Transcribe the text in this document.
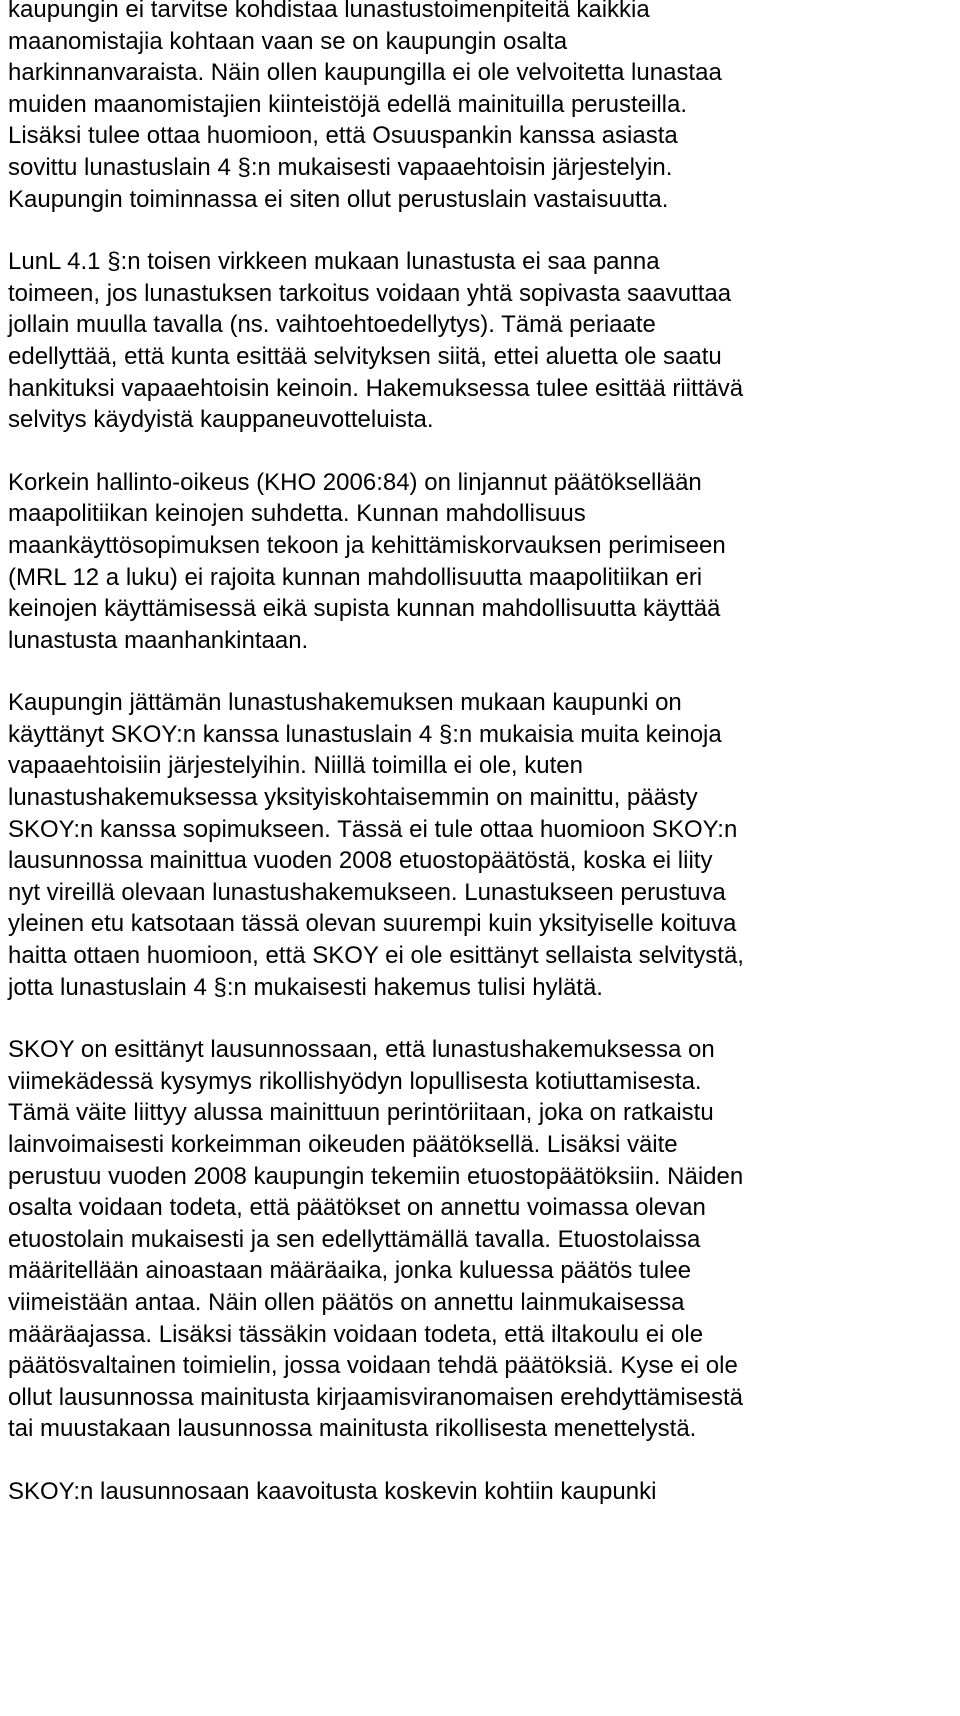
kaupungin ei tarvitse kohdistaa lunastustoimenpiteitä kaikkia
maanomistajia kohtaan vaan se on kaupungin osalta
harkinnanvaraista. Näin ollen kaupungilla ei ole velvoitetta lunastaa
muiden maanomistajien kiinteistöjä edellä mainituilla perusteilla.
Lisäksi tulee ottaa huomioon, että Osuuspankin kanssa asiasta
sovittu lunastuslain 4 §:n mukaisesti vapaaehtoisin järjestelyin.
Kaupungin toiminnassa ei siten ollut perustuslain vastaisuutta.
LunL 4.1 §:n toisen virkkeen mukaan lunastusta ei saa panna
toimeen, jos lunastuksen tarkoitus voidaan yhtä sopivasta saavuttaa
jollain muulla tavalla (ns. vaihtoehtoedellytys). Tämä periaate
edellyttää, että kunta esittää selvityksen siitä, ettei aluetta ole saatu
hankituksi vapaaehtoisin keinoin. Hakemuksessa tulee esittää riittävä
selvitys käydyistä kauppaneuvotteluista.
Korkein hallinto-oikeus (KHO 2006:84) on linjannut päätöksellään
maapolitiikan keinojen suhdetta. Kunnan mahdollisuus
maankäyttösopimuksen tekoon ja kehittämiskorvauksen perimiseen
(MRL 12 a luku) ei rajoita kunnan mahdollisuutta maapolitiikan eri
keinojen käyttämisessä eikä supista kunnan mahdollisuutta käyttää
lunastusta maanhankintaan.
Kaupungin jättämän lunastushakemuksen mukaan kaupunki on
käyttänyt SKOY:n kanssa lunastuslain 4 §:n mukaisia muita keinoja
vapaaehtoisiin järjestelyihin. Niillä toimilla ei ole, kuten
lunastushakemuksessa yksityiskohtaisemmin on mainittu, päästy
SKOY:n kanssa sopimukseen. Tässä ei tule ottaa huomioon SKOY:n
lausunnossa mainittua vuoden 2008 etuostopäätöstä, koska ei liity
nyt vireillä olevaan lunastushakemukseen. Lunastukseen perustuva
yleinen etu katsotaan tässä olevan suurempi kuin yksityiselle koituva
haitta ottaen huomioon, että SKOY ei ole esittänyt sellaista selvitystä,
jotta lunastuslain 4 §:n mukaisesti hakemus tulisi hylätä.
SKOY on esittänyt lausunnossaan, että lunastushakemuksessa on
viimekädessä kysymys rikollishyödyn lopullisesta kotiuttamisesta.
Tämä väite liittyy alussa mainittuun perintöriitaan, joka on ratkaistu
lainvoimaisesti korkeimman oikeuden päätöksellä. Lisäksi väite
perustuu vuoden 2008 kaupungin tekemiin etuostopäätöksiin. Näiden
osalta voidaan todeta, että päätökset on annettu voimassa olevan
etuostolain mukaisesti ja sen edellyttämällä tavalla. Etuostolaissa
määritellään ainoastaan määräaika, jonka kuluessa päätös tulee
viimeistään antaa. Näin ollen päätös on annettu lainmukaisessa
määräajassa. Lisäksi tässäkin voidaan todeta, että iltakoulu ei ole
päätösvaltainen toimielin, jossa voidaan tehdä päätöksiä. Kyse ei ole
ollut lausunnossa mainitusta kirjaamisviranomaisen erehdyttämisestä
tai muustakaan lausunnossa mainitusta rikollisesta menettelystä.
SKOY:n lausunnosaan kaavoitusta koskevin kohtiin kaupunki
